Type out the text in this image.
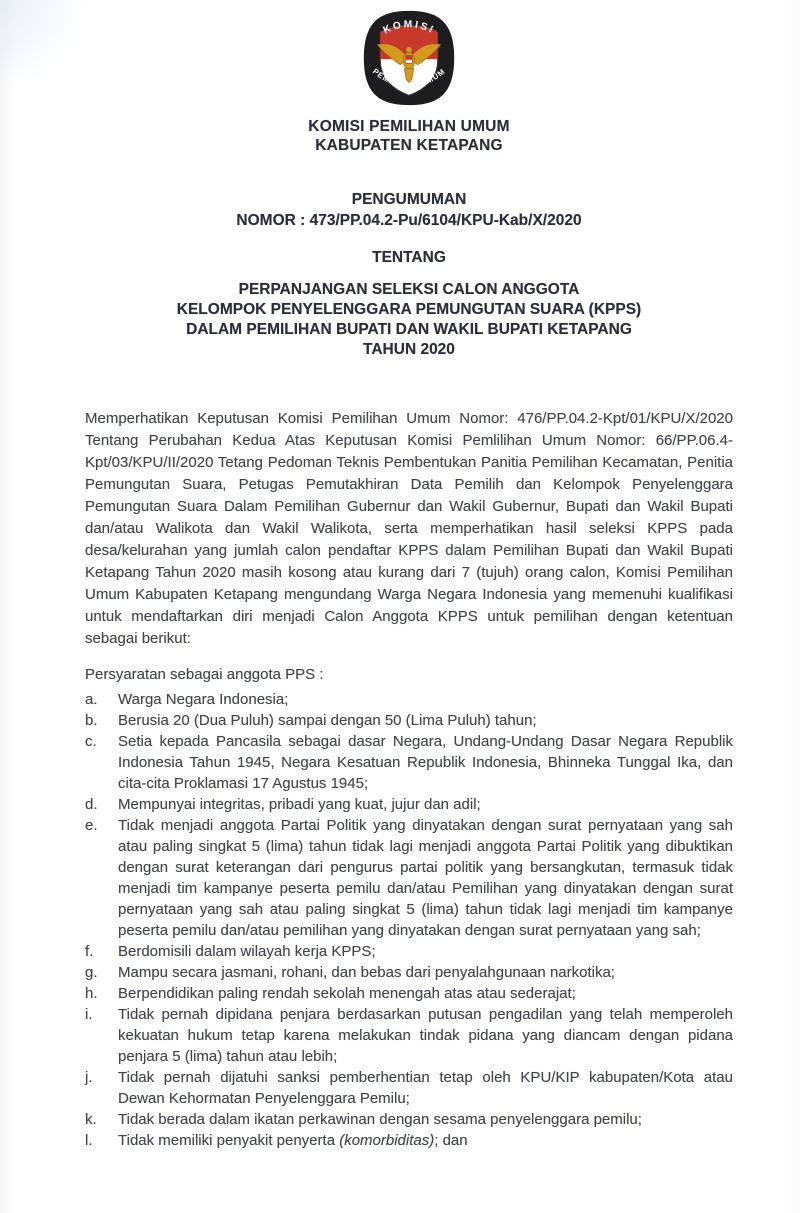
KOMISI
PEMILIHAN UMUM
KOMISI PEMILIHAN UMUM
KABUPATEN KETAPANG
PENGUMUMAN
NOMOR : 473/PP.04.2-Pu/6104/KPU-Kab/X/2020
TENTANG
PERPANJANGAN SELEKSI CALON ANGGOTA
KELOMPOK PENYELENGGARA PEMUNGUTAN SUARA (KPPS)
DALAM PEMILIHAN BUPATI DAN WAKIL BUPATI KETAPANG
TAHUN 2020

Memperhatikan Keputusan Komisi Pemilihan Umum Nomor: 476/PP.04.2-Kpt/01/KPU/X/2020 Tentang Perubahan Kedua Atas Keputusan Komisi Pemlilihan Umum Nomor: 66/PP.06.4-Kpt/03/KPU/II/2020 Tetang Pedoman Teknis Pembentukan Panitia Pemilihan Kecamatan, Penitia Pemungutan Suara, Petugas Pemutakhiran Data Pemilih dan Kelompok Penyelenggara Pemungutan Suara Dalam Pemilihan Gubernur dan Wakil Gubernur, Bupati dan Wakil Bupati dan/atau Walikota dan Wakil Walikota, serta memperhatikan hasil seleksi KPPS pada desa/kelurahan yang jumlah calon pendaftar KPPS dalam Pemilihan Bupati dan Wakil Bupati Ketapang Tahun 2020 masih kosong atau kurang dari 7 (tujuh) orang calon, Komisi Pemilihan Umum Kabupaten Ketapang mengundang Warga Negara Indonesia yang memenuhi kualifikasi untuk mendaftarkan diri menjadi Calon Anggota KPPS untuk pemilihan dengan ketentuan sebagai berikut:

Persyaratan sebagai anggota PPS :

a.	Warga Negara Indonesia;
b.	Berusia 20 (Dua Puluh) sampai dengan 50 (Lima Puluh) tahun;
c.	Setia kepada Pancasila sebagai dasar Negara, Undang-Undang Dasar Negara Republik Indonesia Tahun 1945, Negara Kesatuan Republik Indonesia, Bhinneka Tunggal Ika, dan cita-cita Proklamasi 17 Agustus 1945;
d.	Mempunyai integritas, pribadi yang kuat, jujur dan adil;
e.	Tidak menjadi anggota Partai Politik yang dinyatakan dengan surat pernyataan yang sah atau paling singkat 5 (lima) tahun tidak lagi menjadi anggota Partai Politik yang dibuktikan dengan surat keterangan dari pengurus partai politik yang bersangkutan, termasuk tidak menjadi tim kampanye peserta pemilu dan/atau Pemilihan yang dinyatakan dengan surat pernyataan yang sah atau paling singkat 5 (lima) tahun tidak lagi menjadi tim kampanye peserta pemilu dan/atau pemilihan yang dinyatakan dengan surat pernyataan yang sah;
f.	Berdomisili dalam wilayah kerja KPPS;
g.	Mampu secara jasmani, rohani, dan bebas dari penyalahgunaan narkotika;
h.	Berpendidikan paling rendah sekolah menengah atas atau sederajat;
i.	Tidak pernah dipidana penjara berdasarkan putusan pengadilan yang telah memperoleh kekuatan hukum tetap karena melakukan tindak pidana yang diancam dengan pidana penjara 5 (lima) tahun atau lebih;
j.	Tidak pernah dijatuhi sanksi pemberhentian tetap oleh KPU/KIP kabupaten/Kota atau Dewan Kehormatan Penyelenggara Pemilu;
k.	Tidak berada dalam ikatan perkawinan dengan sesama penyelenggara pemilu;
l.	Tidak memiliki penyakit penyerta (komorbiditas); dan
